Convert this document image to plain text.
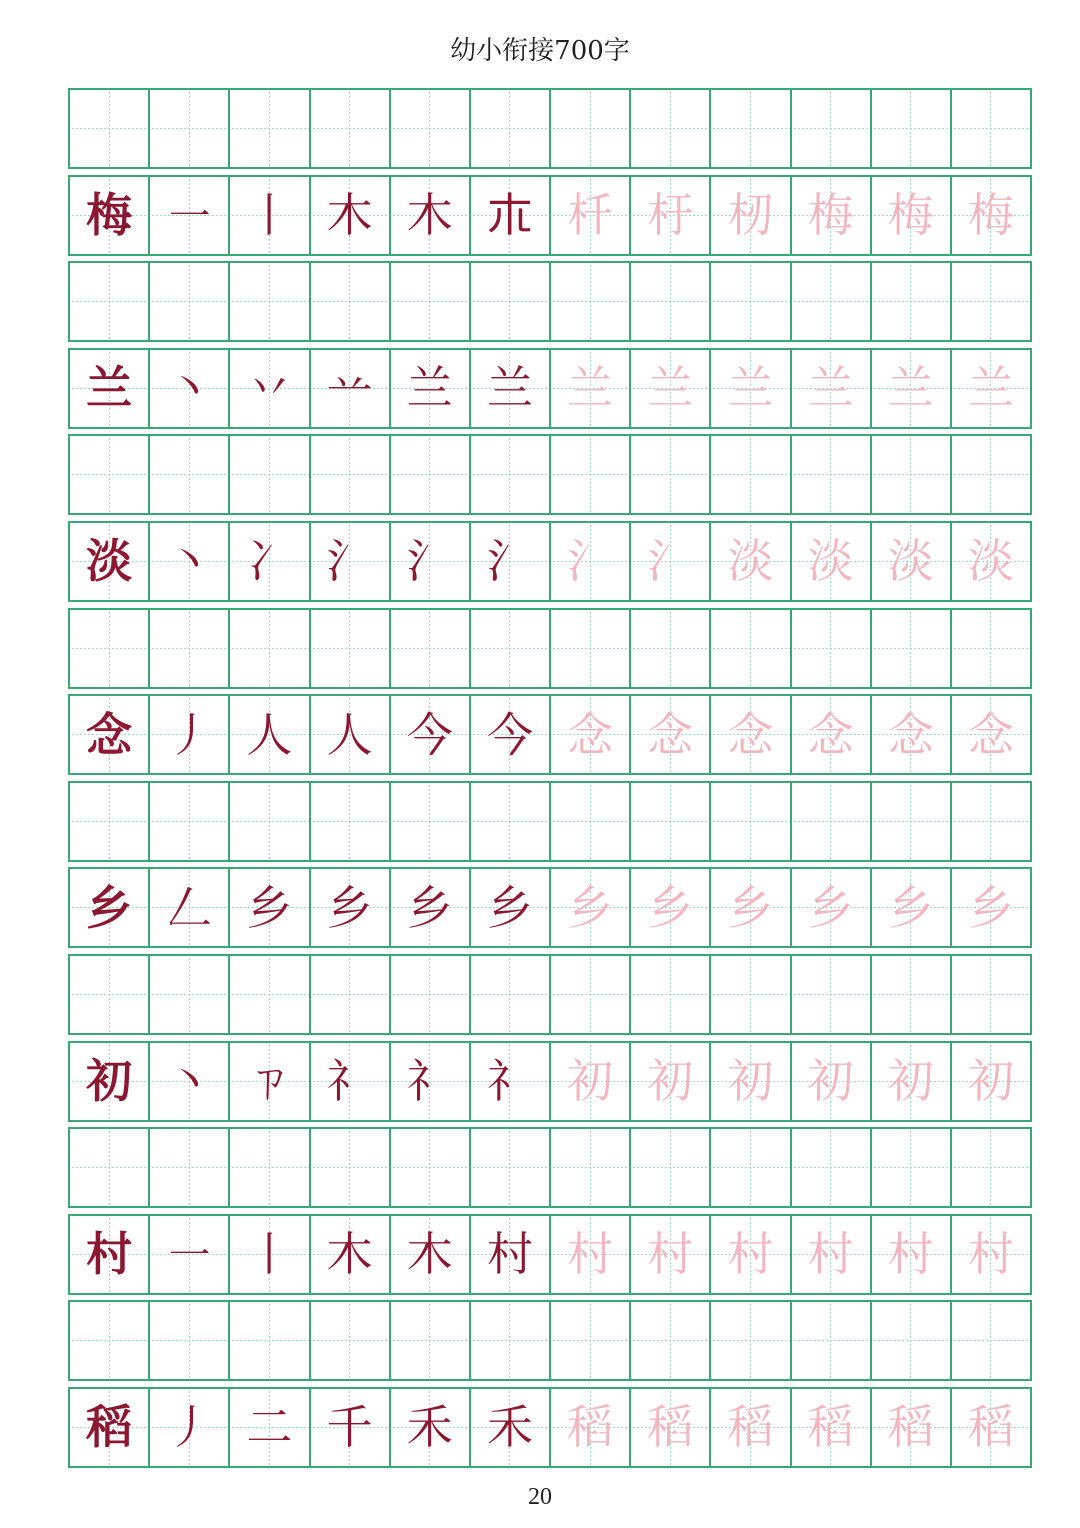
幼小衔接700字
梅 ㇐ 丨 木 木 𣎳 杄 杅 杒 梅 梅 梅
兰 丶 丷 䒑 兰 兰 兰 兰 兰 兰 兰 兰
淡 丶 冫 氵 氵 氵 氵 氵 淡 淡 淡 淡
念 丿 人 人 今 今 念 念 念 念 念 念
乡 𠃋 乡 乡 乡 乡 乡 乡 乡 乡 乡 乡
初 丶 ㄗ 礻 礻 礻 初 初 初 初 初 初
村 ㇐ 丨 木 木 村 村 村 村 村 村 村
稻 丿 二 千 禾 禾 稻 稻 稻 稻 稻 稻
20
